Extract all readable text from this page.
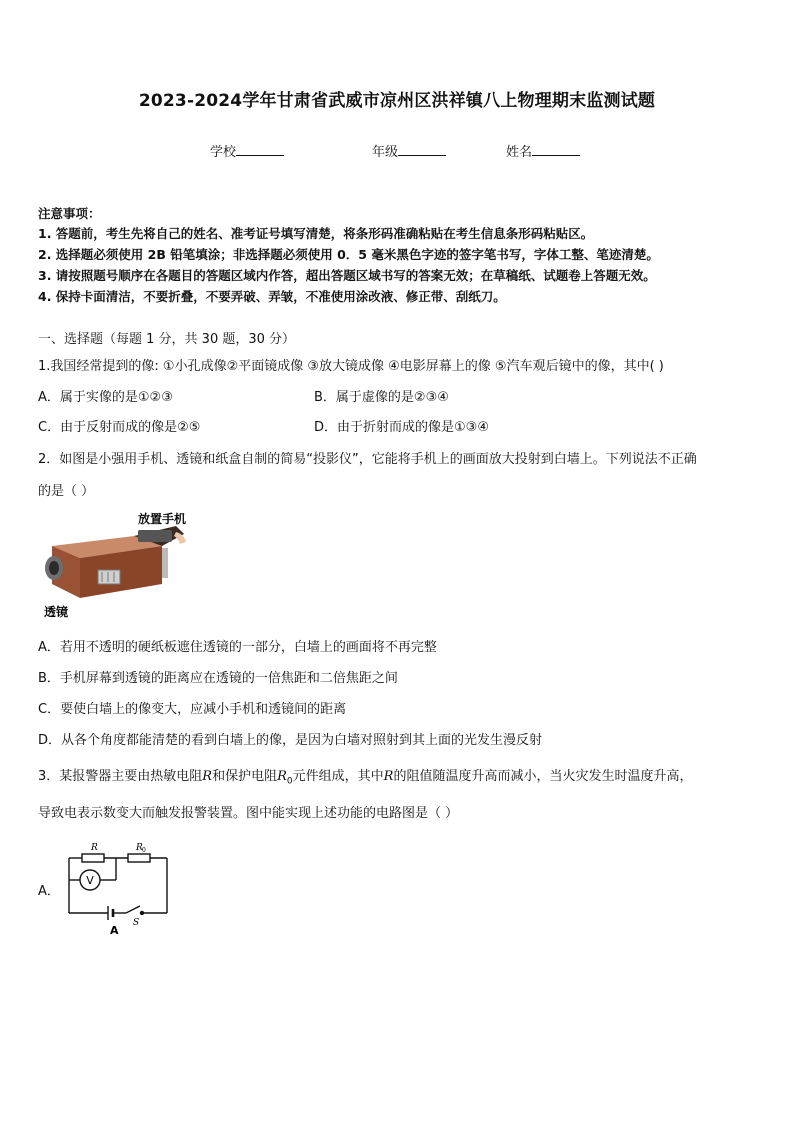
2023-2024学年甘肃省武威市凉州区洪祥镇八上物理期末监测试题
学校	年级	姓名
注意事项：
1. 答题前，考生先将自己的姓名、准考证号填写清楚，将条形码准确粘贴在考生信息条形码粘贴区。
2. 选择题必须使用 2B 铅笔填涂；非选择题必须使用 0．5 毫米黑色字迹的签字笔书写，字体工整、笔迹清楚。
3. 请按照题号顺序在各题目的答题区域内作答，超出答题区域书写的答案无效；在草稿纸、试题卷上答题无效。
4. 保持卡面清洁，不要折叠，不要弄破、弄皱，不准使用涂改液、修正带、刮纸刀。
一、选择题（每题 1 分，共 30 题，30 分）
1.我国经常提到的像: ①小孔成像②平面镜成像 ③放大镜成像 ④电影屏幕上的像 ⑤汽车观后镜中的像，其中( )
A．属于实像的是①②③	B．属于虚像的是②③④
C．由于反射而成的像是②⑤	D．由于折射而成的像是①③④
2．如图是小强用手机、透镜和纸盒自制的简易“投影仪”，它能将手机上的画面放大投射到白墙上。下列说法不正确
的是（ ）
放置手机
透镜
A．若用不透明的硬纸板遮住透镜的一部分，白墙上的画面将不再完整
B．手机屏幕到透镜的距离应在透镜的一倍焦距和二倍焦距之间
C．要使白墙上的像变大，应减小手机和透镜间的距离
D．从各个角度都能清楚的看到白墙上的像，是因为白墙对照射到其上面的光发生漫反射
3．某报警器主要由热敏电阻R和保护电阻$R_0$元件组成，其中R的阻值随温度升高而减小，当火灾发生时温度升高，
导致电表示数变大而触发报警装置。图中能实现上述功能的电路图是（ ）
A．
V
R	R 0
S
A
